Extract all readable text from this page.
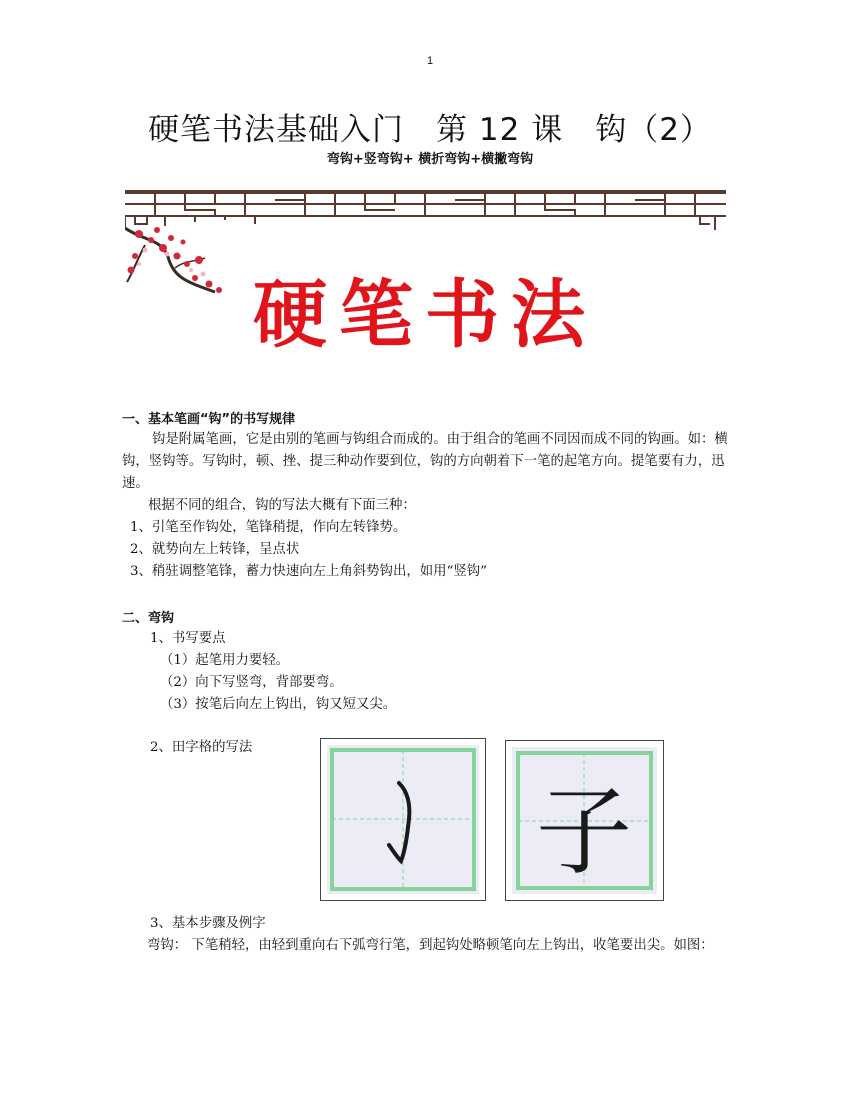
1
硬笔书法基础入门　第 12 课　钩（2）
弯钩+竖弯钩+ 横折弯钩+横撇弯钩
硬笔书法
一、基本笔画“钩”的书写规律
钩是附属笔画，它是由别的笔画与钩组合而成的。由于组合的笔画不同因而成不同的钩画。如：横钩，竖钩等。写钩时，顿、挫、提三种动作要到位，钩的方向朝着下一笔的起笔方向。提笔要有力，迅速。
根据不同的组合，钩的写法大概有下面三种：
1、引笔至作钩处，笔锋稍提，作向左转锋势。
2、就势向左上转锋，呈点状
3、稍驻调整笔锋，蓄力快速向左上角斜势钩出，如用“竖钩”
二、弯钩
1、书写要点
（1）起笔用力要轻。
（2）向下写竖弯，背部要弯。
（3）按笔后向左上钩出，钩又短又尖。
2、田字格的写法
子
3、基本步骤及例字
弯钩： 下笔稍轻，由轻到重向右下弧弯行笔，到起钩处略顿笔向左上钩出，收笔要出尖。如图：
